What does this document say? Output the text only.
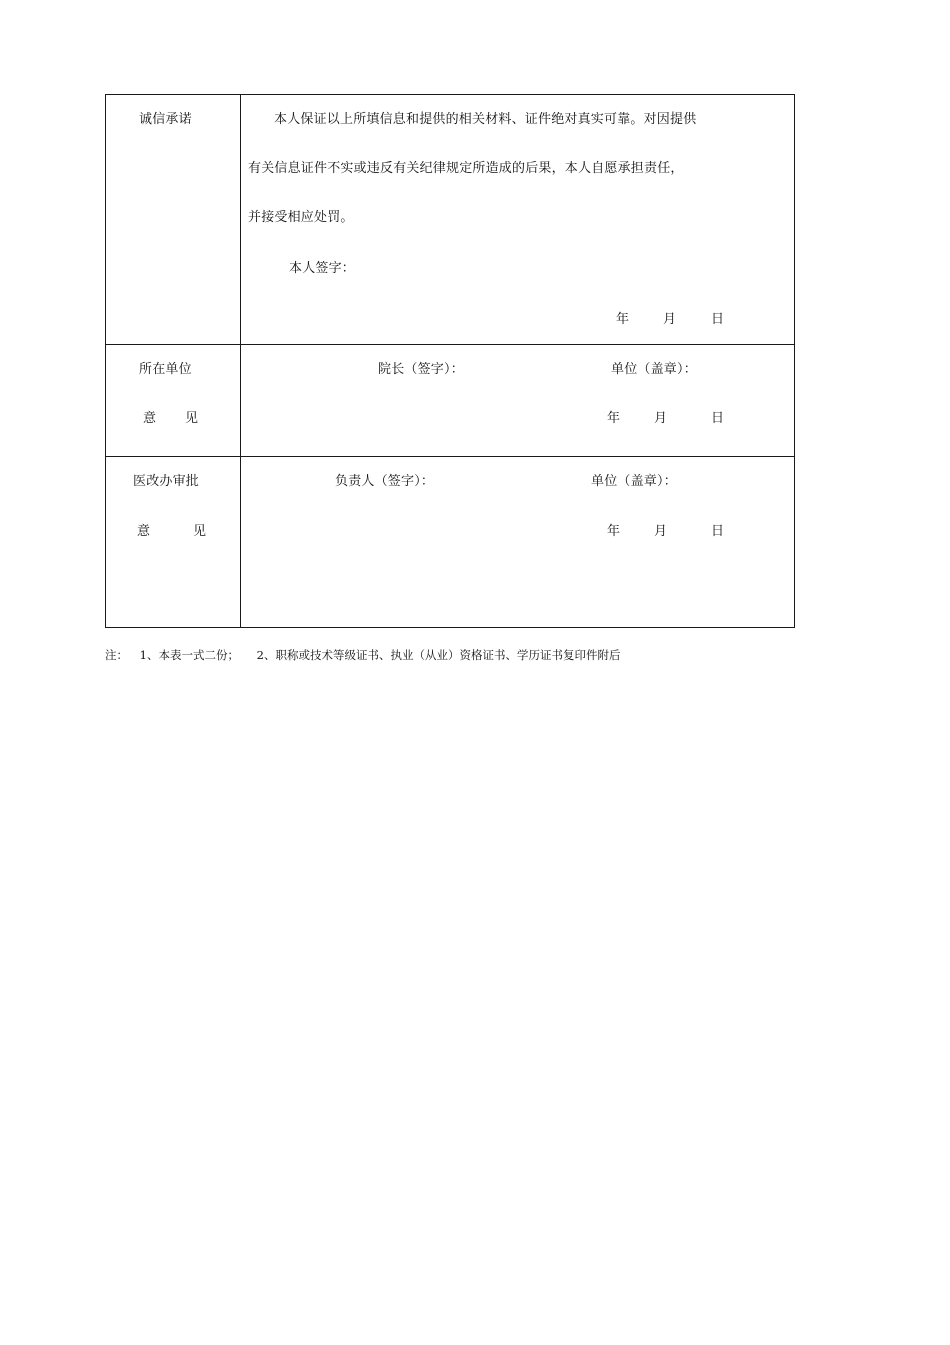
诚信承诺	本人保证以上所填信息和提供的相关材料、证件绝对真实可靠。对因提供
有关信息证件不实或违反有关纪律规定所造成的后果，本人自愿承担责任，
并接受相应处罚。
本人签字：
年	月	日
所在单位
意 见
院长（签字）：	单位（盖章）：
年	月	日
医改办审批
意	见
负责人（签字）：	单位（盖章）：
年	月	日
注： 1、本表一式二份； 2、职称或技术等级证书、执业（从业）资格证书、学历证书复印件附后
